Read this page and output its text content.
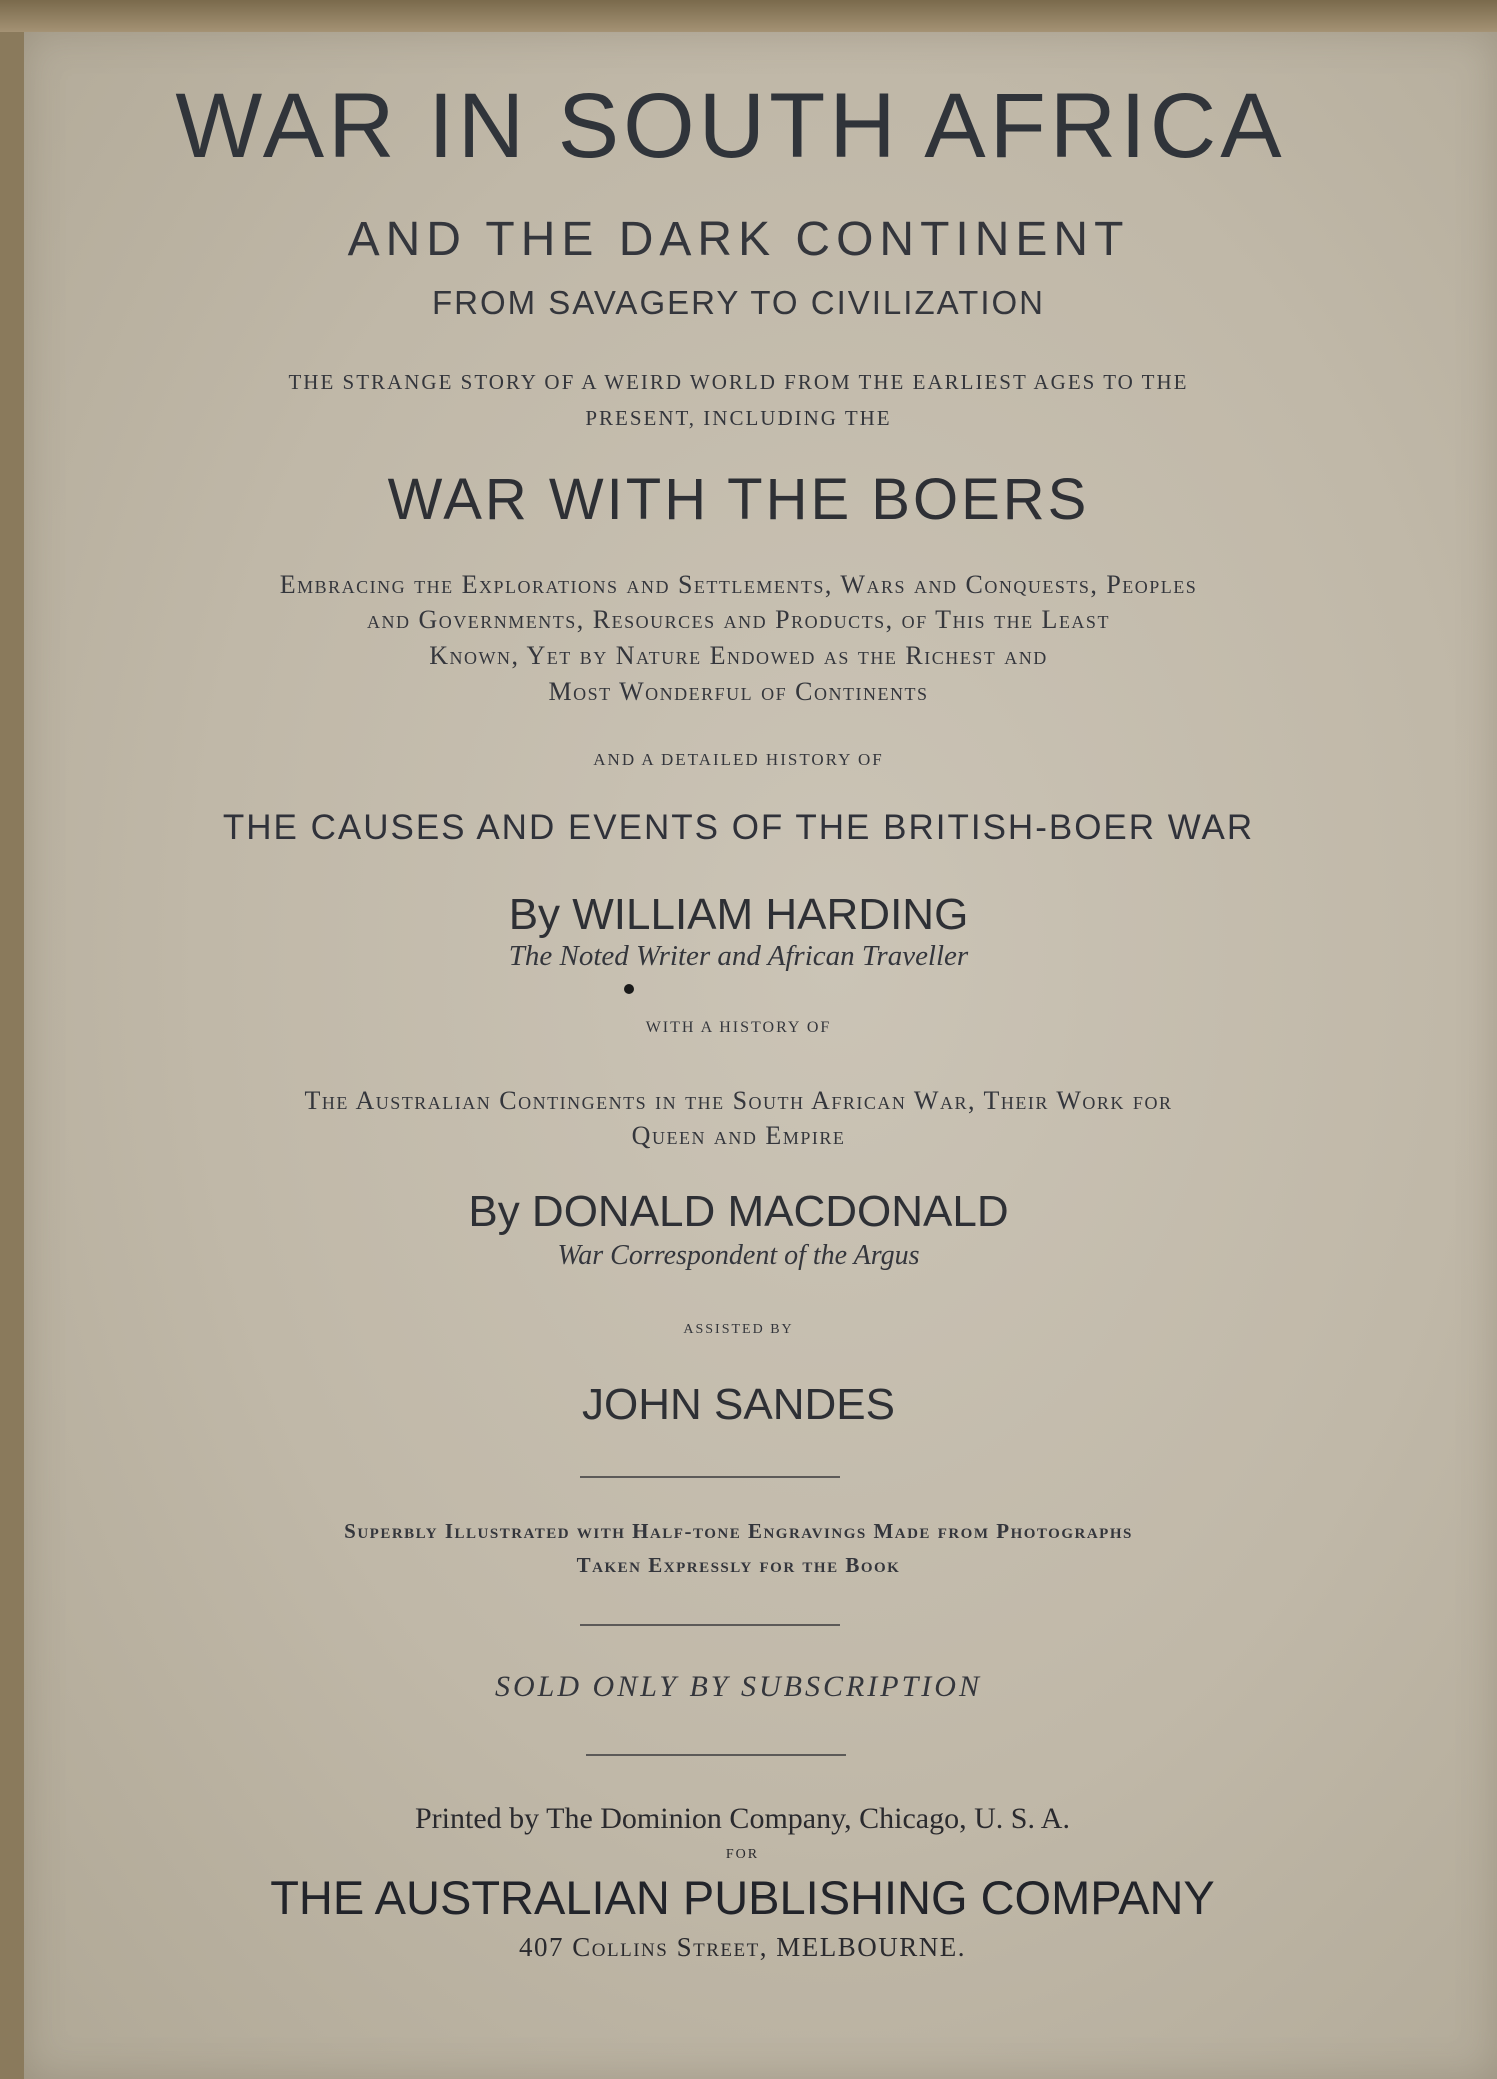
WAR IN SOUTH AFRICA
AND THE DARK CONTINENT
FROM SAVAGERY TO CIVILIZATION
THE STRANGE STORY OF A WEIRD WORLD FROM THE EARLIEST AGES TO THE
PRESENT, INCLUDING THE
WAR WITH THE BOERS
Embracing the Explorations and Settlements, Wars and Conquests, Peoples
and Governments, Resources and Products, of This the Least
Known, Yet by Nature Endowed as the Richest and
Most Wonderful of Continents
AND A DETAILED HISTORY OF
THE CAUSES AND EVENTS OF THE BRITISH-BOER WAR
By WILLIAM HARDING
The Noted Writer and African Traveller
WITH A HISTORY OF
The Australian Contingents in the South African War, Their Work for
Queen and Empire
By DONALD MACDONALD
War Correspondent of the Argus
ASSISTED BY
JOHN SANDES
Superbly Illustrated with Half-tone Engravings Made from Photographs
Taken Expressly for the Book
SOLD ONLY BY SUBSCRIPTION
Printed by The Dominion Company, Chicago, U. S. A.
FOR
THE AUSTRALIAN PUBLISHING COMPANY
407 Collins Street, MELBOURNE.
